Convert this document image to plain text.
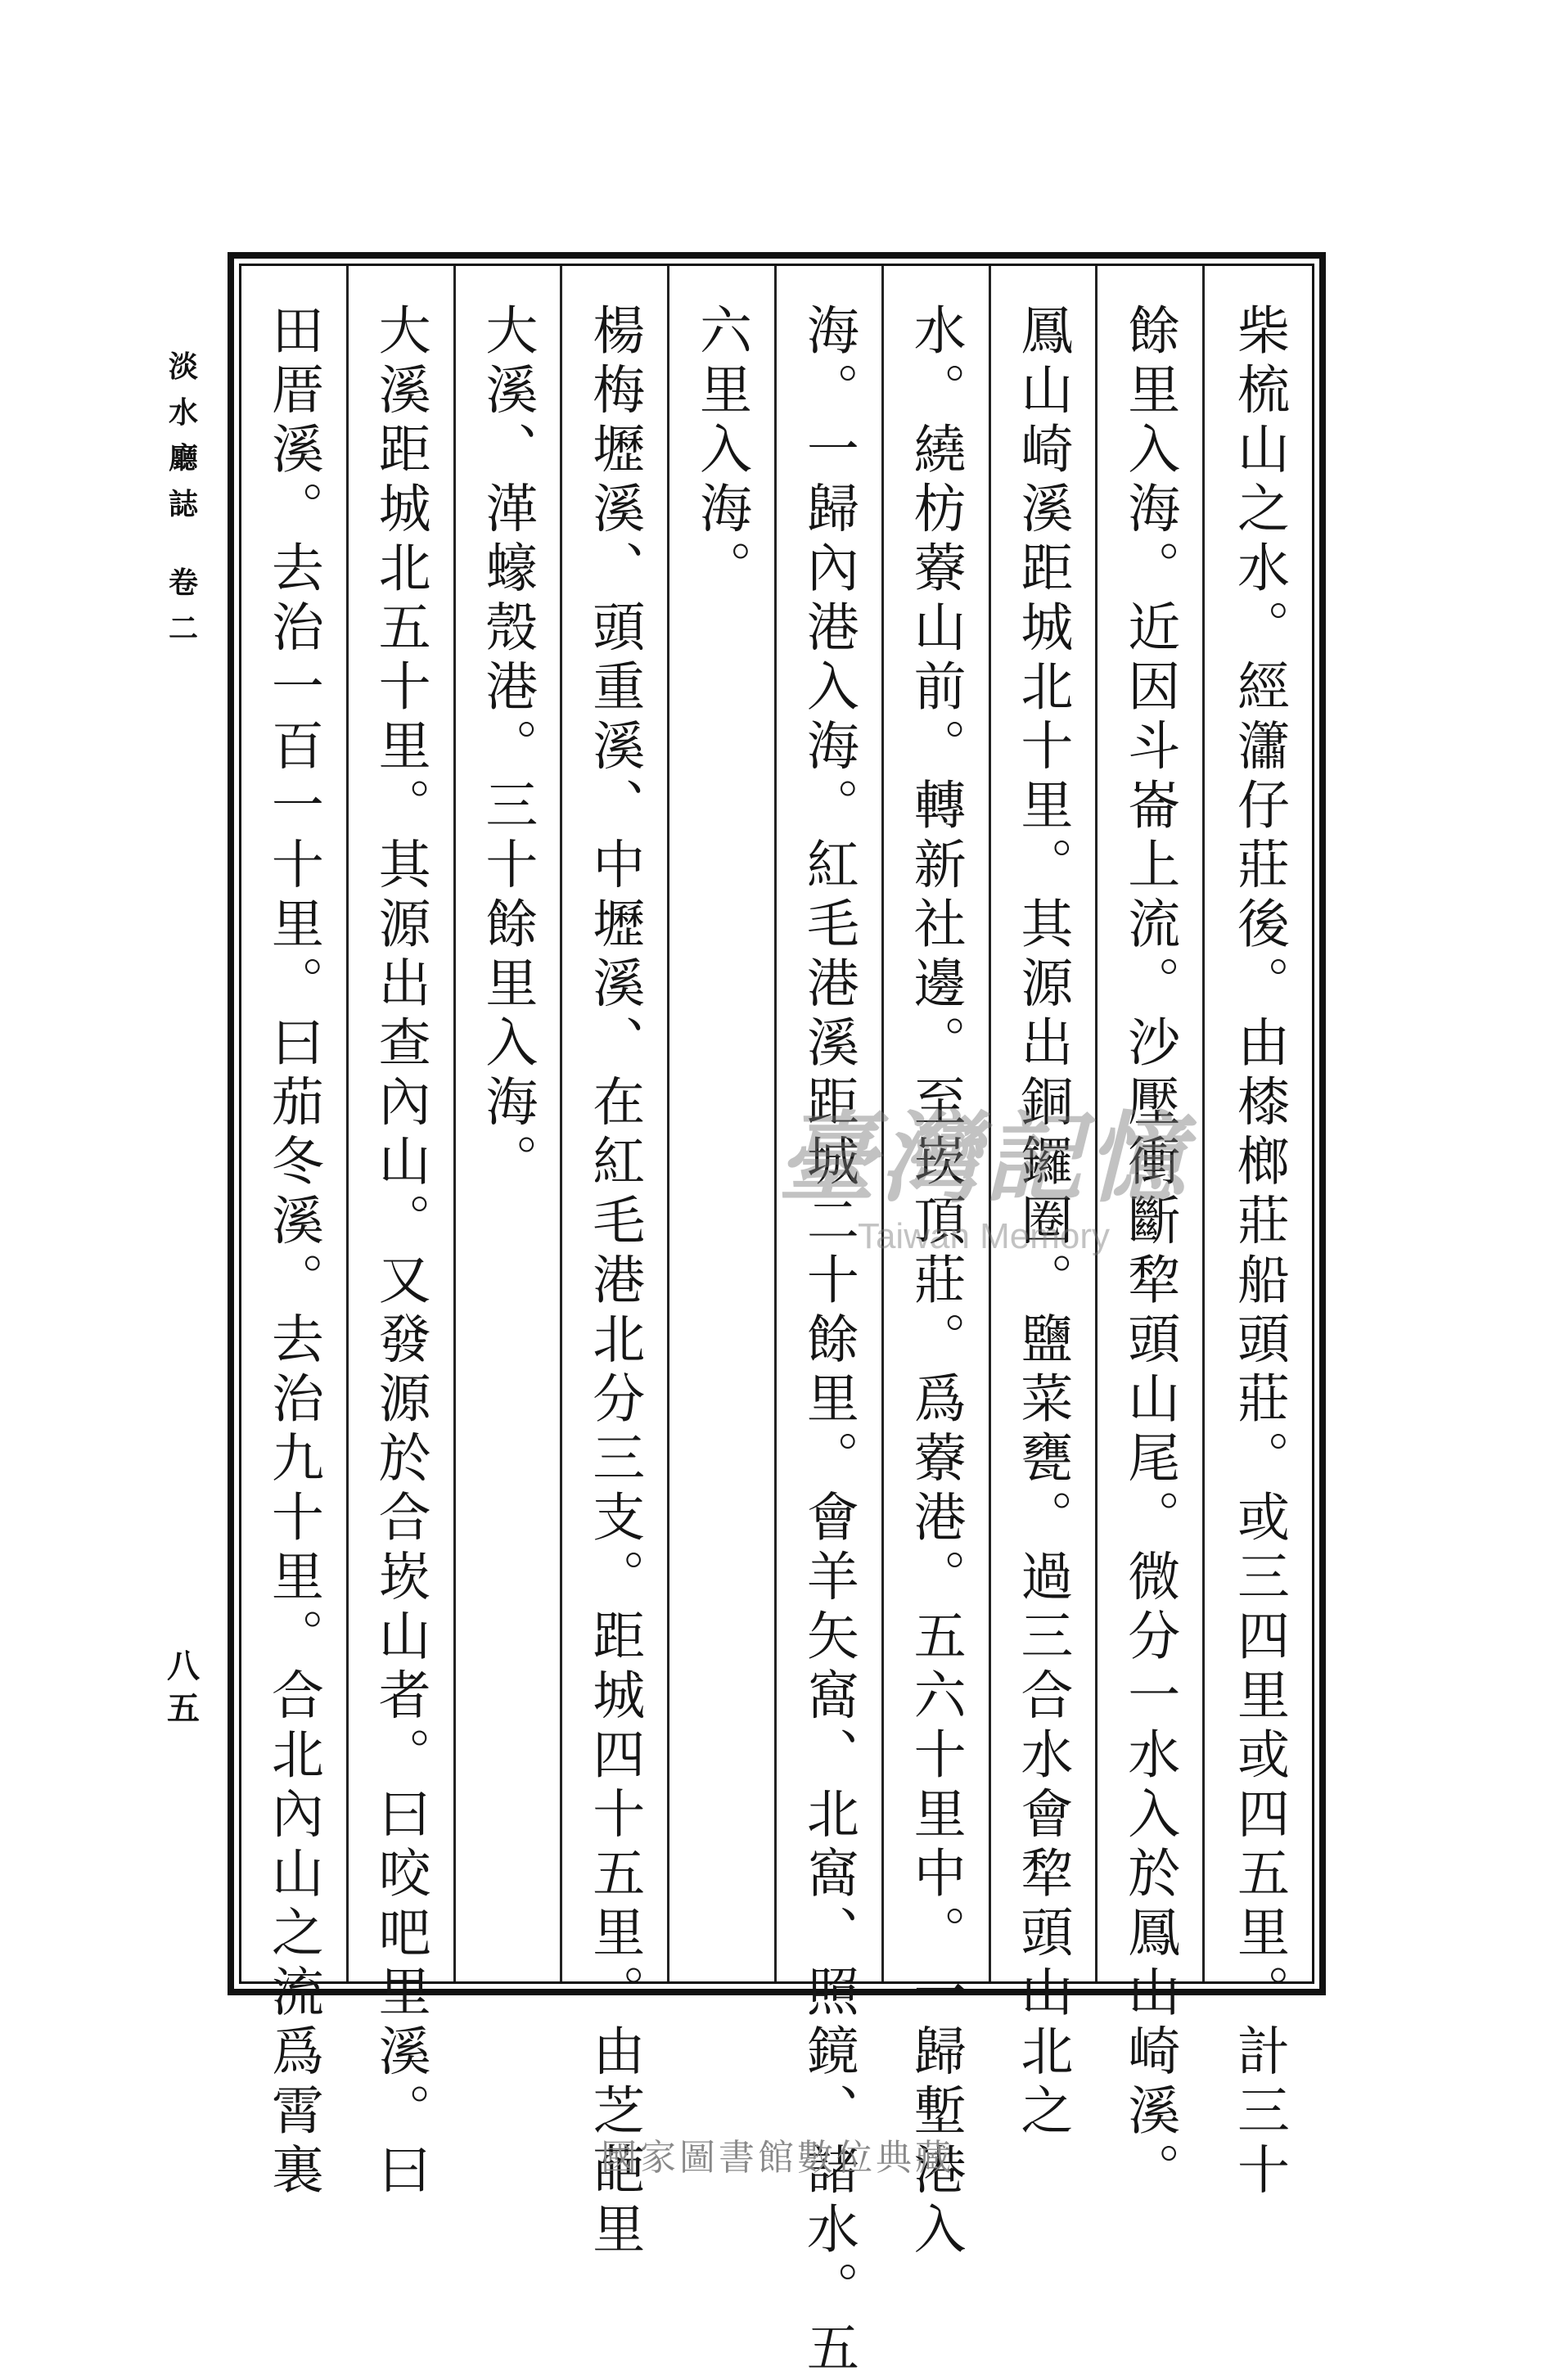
淡
水
廳
誌
卷
二
八
五	柴梳山之水。經𤄙仔莊後。由㯃榔莊船頭莊。或三四里或四五里。計三十
餘里入海。近因斗崙上流。沙壓衝斷犂頭山尾。微分一水入於鳳山崎溪。
鳳山崎溪距城北十里。其源出銅鑼圈。鹽菜甕。過三合水會犂頭山北之
水。繞枋藔山前。轉新社邊。至崁頂莊。爲藔港。五六十里中。一歸塹港入
海。一歸內港入海。紅毛港溪距城二十餘里。會羊矢窩、北窩、照鏡、諸水。五
六里入海。
楊梅壢溪、頭重溪、中壢溪、在紅毛港北分三支。距城四十五里。由芝葩里
大溪、㴖蠔殼港。三十餘里入海。
大溪距城北五十里。其源出查內山。又發源於合崁山者。曰咬吧里溪。曰
田厝溪。去治一百一十里。曰茄冬溪。去治九十里。合北內山之流爲霄裏	臺灣記憶
Taiwan Memory
國家圖書館數位典藏
